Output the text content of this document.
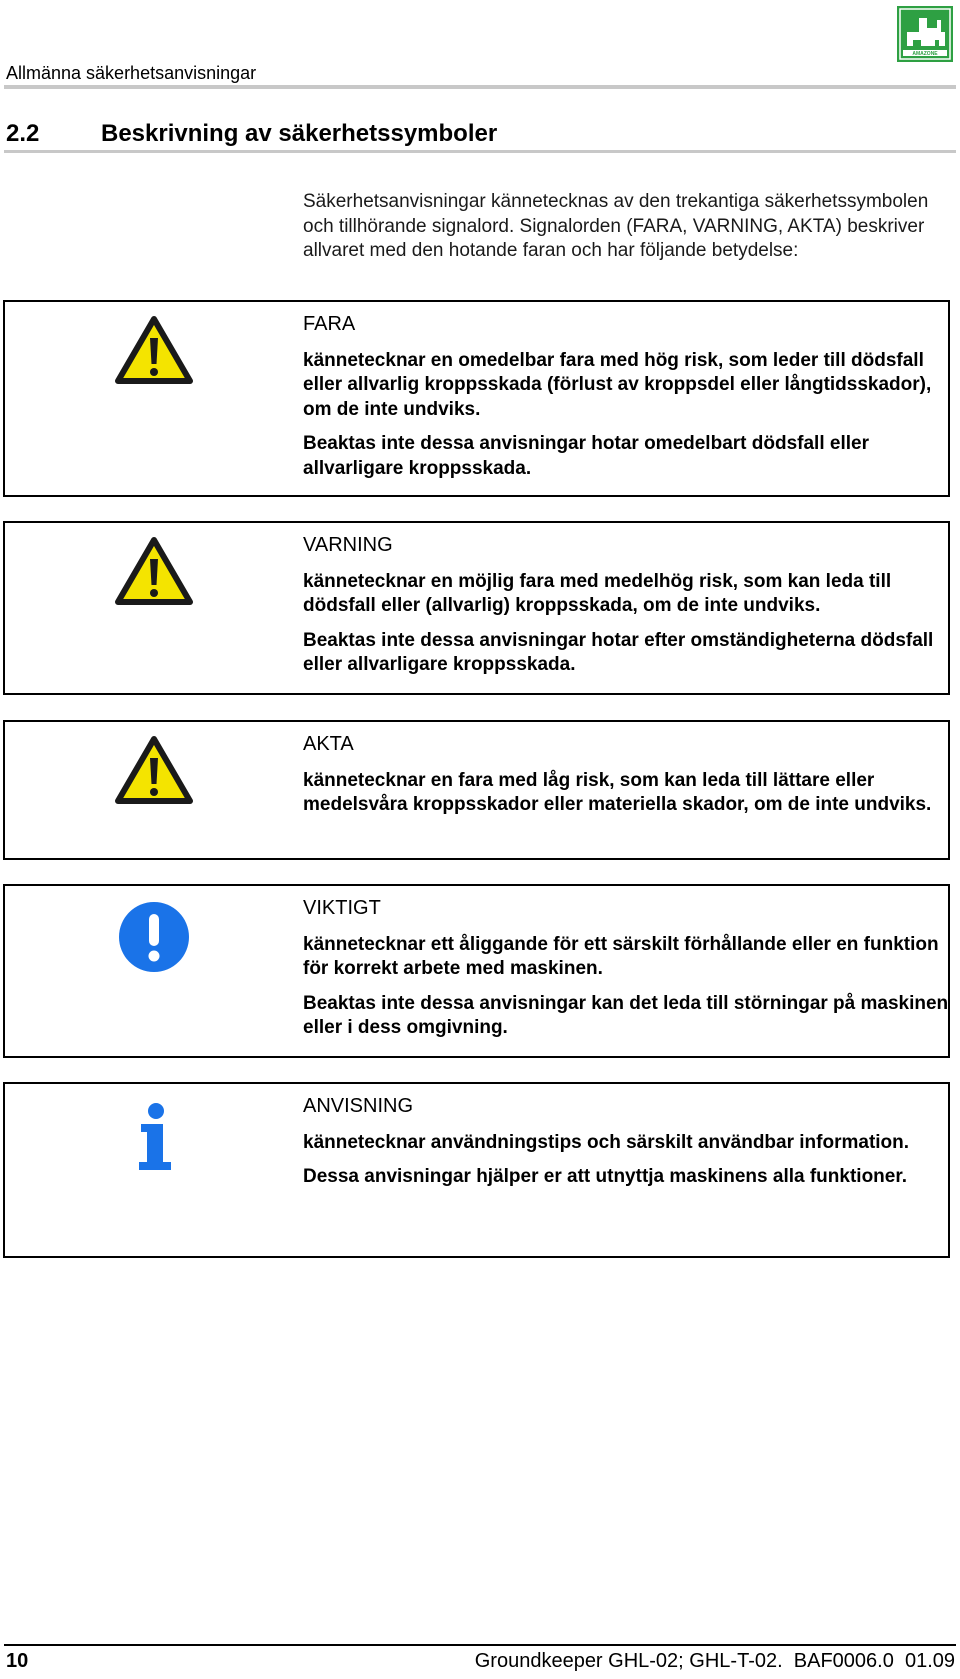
Allmänna säkerhetsanvisningar
AMAZONE
2.2	Beskrivning av säkerhetssymboler
Säkerhetsanvisningar kännetecknas av den trekantiga säkerhetssymbolen och tillhörande signalord. Signalorden (FARA, VARNING, AKTA) beskriver allvaret med den hotande faran och har följande betydelse:

FARA

kännetecknar en omedelbar fara med hög risk, som leder till dödsfall eller allvarlig kroppsskada (förlust av kroppsdel eller långtidsskador), om de inte undviks.

Beaktas inte dessa anvisningar hotar omedelbart dödsfall eller allvarligare kroppsskada.

VARNING

kännetecknar en möjlig fara med medelhög risk, som kan leda till dödsfall eller (allvarlig) kroppsskada, om de inte undviks.

Beaktas inte dessa anvisningar hotar efter omständigheterna dödsfall eller allvarligare kroppsskada.

AKTA

kännetecknar en fara med låg risk, som kan leda till lättare eller medelsvåra kroppsskador eller materiella skador, om de inte undviks.

VIKTIGT

kännetecknar ett åliggande för ett särskilt förhållande eller en funktion för korrekt arbete med maskinen.

Beaktas inte dessa anvisningar kan det leda till störningar på maskinen eller i dess omgivning.

ANVISNING

kännetecknar användningstips och särskilt användbar information.

Dessa anvisningar hjälper er att utnyttja maskinens alla funktioner.

10	Groundkeeper GHL-02; GHL-T-02.  BAF0006.0  01.09
